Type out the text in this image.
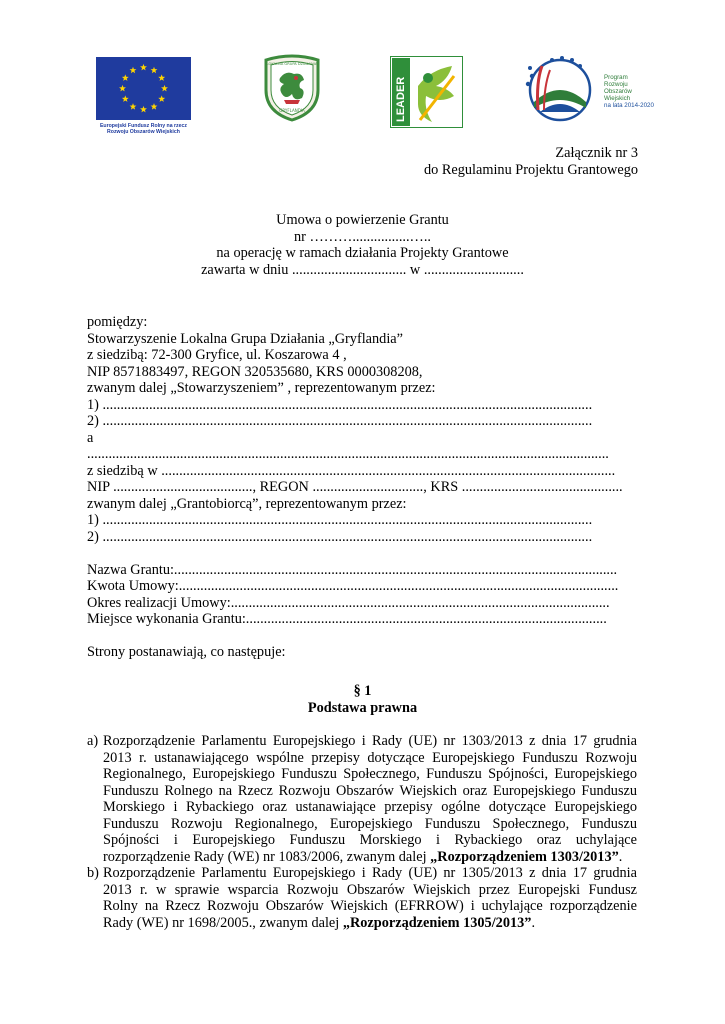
Europejski Fundusz Rolny na rzecz
Rozwoju Obszarów Wiejskich
LOKALNA GRUPA DZIAŁANIA
GRYFLANDIA	LEADER	Program
Rozwoju
Obszarów
Wiejskich
na lata 2014-2020
Załącznik nr 3
do Regulaminu Projektu Grantowego
Umowa o powierzenie Grantu
nr ………................…..
na operację w ramach działania Projekty Grantowe
zawarta w dniu ................................ w ............................
pomiędzy:
Stowarzyszenie Lokalna Grupa Działania „Gryflandia”
z siedzibą: 72-300 Gryfice, ul. Koszarowa 4 ,
NIP 8571883497, REGON 320535680, KRS 0000308208,
zwanym dalej „Stowarzyszeniem” , reprezentowanym przez:
1) .........................................................................................................................................
2) .........................................................................................................................................
a
..................................................................................................................................................
z siedzibą w ...............................................................................................................................
NIP ......................................., REGON ..............................., KRS .............................................
zwanym dalej „Grantobiorcą”, reprezentowanym przez:
1) .........................................................................................................................................
2) .........................................................................................................................................
Nazwa Grantu:............................................................................................................................
Kwota Umowy:...........................................................................................................................
Okres realizacji Umowy:..........................................................................................................
Miejsce wykonania Grantu:.....................................................................................................
Strony postanawiają, co następuje:
§ 1
Podstawa prawna
a) Rozporządzenie Parlamentu Europejskiego i Rady (UE) nr 1303/2013 z dnia 17 grudnia
2013 r. ustanawiającego wspólne przepisy dotyczące Europejskiego Funduszu Rozwoju
Regionalnego, Europejskiego Funduszu Społecznego, Funduszu Spójności, Europejskiego
Funduszu Rolnego na Rzecz Rozwoju Obszarów Wiejskich oraz Europejskiego Funduszu
Morskiego i Rybackiego oraz ustanawiające przepisy ogólne dotyczące Europejskiego
Funduszu Rozwoju Regionalnego, Europejskiego Funduszu Społecznego, Funduszu
Spójności i Europejskiego Funduszu Morskiego i Rybackiego oraz uchylające
rozporządzenie Rady (WE) nr 1083/2006, zwanym dalej „Rozporządzeniem 1303/2013”.
b) Rozporządzenie Parlamentu Europejskiego i Rady (UE) nr 1305/2013 z dnia 17 grudnia
2013 r. w sprawie wsparcia Rozwoju Obszarów Wiejskich przez Europejski Fundusz
Rolny na Rzecz Rozwoju Obszarów Wiejskich (EFRROW) i uchylające rozporządzenie
Rady (WE) nr 1698/2005., zwanym dalej „Rozporządzeniem 1305/2013”.
